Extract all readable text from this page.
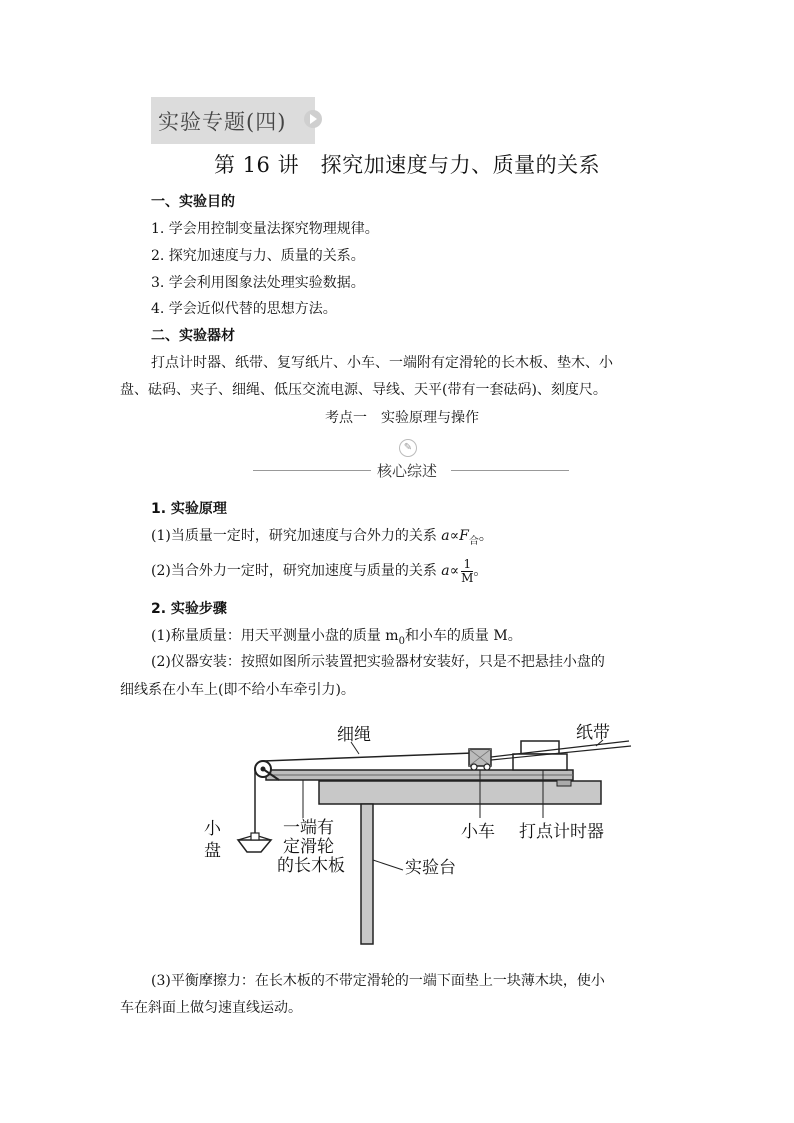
实验专题(四)
第 16 讲　探究加速度与力、质量的关系
一、实验目的
1. 学会用控制变量法探究物理规律。
2. 探究加速度与力、质量的关系。
3. 学会利用图象法处理实验数据。
4. 学会近似代替的思想方法。
二、实验器材
打点计时器、纸带、复写纸片、小车、一端附有定滑轮的长木板、垫木、小
盘、砝码、夹子、细绳、低压交流电源、导线、天平(带有一套砝码)、刻度尺。
考点一　实验原理与操作
✎
核心综述
1. 实验原理
(1)当质量一定时，研究加速度与合外力的关系 $a\propto F_合$。
(2)当合外力一定时，研究加速度与质量的关系 $a\propto \frac{1}{M}$ 。
2. 实验步骤
(1)称量质量：用天平测量小盘的质量 $m_0$和小车的质量 M。
(2)仪器安装：按照如图所示装置把实验器材安装好，只是不把悬挂小盘的
细线系在小车上(即不给小车牵引力)。
细绳	纸带
小
盘
一端有
定滑轮
的长木板
小车 打点计时器
实验台
(3)平衡摩擦力：在长木板的不带定滑轮的一端下面垫上一块薄木块，使小
车在斜面上做匀速直线运动。
